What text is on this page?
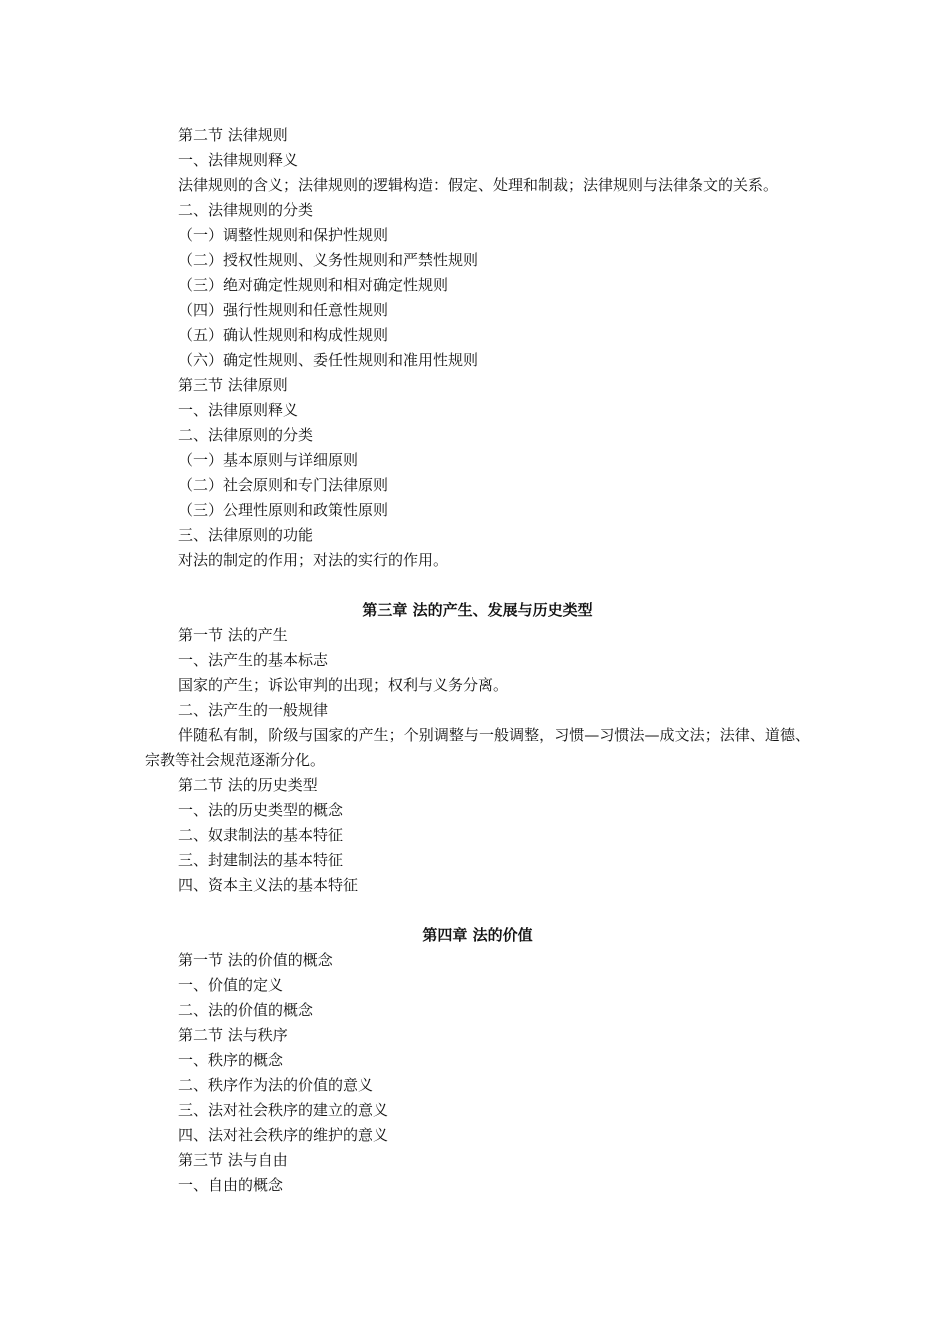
第二节 法律规则
一、法律规则释义
法律规则的含义；法律规则的逻辑构造：假定、处理和制裁；法律规则与法律条文的关系。
二、法律规则的分类
（一）调整性规则和保护性规则
（二）授权性规则、义务性规则和严禁性规则
（三）绝对确定性规则和相对确定性规则
（四）强行性规则和任意性规则
（五）确认性规则和构成性规则
（六）确定性规则、委任性规则和准用性规则
第三节 法律原则
一、法律原则释义
二、法律原则的分类
（一）基本原则与详细原则
（二）社会原则和专门法律原则
（三）公理性原则和政策性原则
三、法律原则的功能
对法的制定的作用；对法的实行的作用。
第三章 法的产生、发展与历史类型
第一节 法的产生
一、法产生的基本标志
国家的产生；诉讼审判的出现；权利与义务分离。
二、法产生的一般规律
伴随私有制，阶级与国家的产生；个别调整与一般调整，习惯—习惯法—成文法；法律、道德、宗教等社会规范逐渐分化。
第二节 法的历史类型
一、法的历史类型的概念
二、奴隶制法的基本特征
三、封建制法的基本特征
四、资本主义法的基本特征
第四章 法的价值
第一节 法的价值的概念
一、价值的定义
二、法的价值的概念
第二节 法与秩序
一、秩序的概念
二、秩序作为法的价值的意义
三、法对社会秩序的建立的意义
四、法对社会秩序的维护的意义
第三节 法与自由
一、自由的概念
